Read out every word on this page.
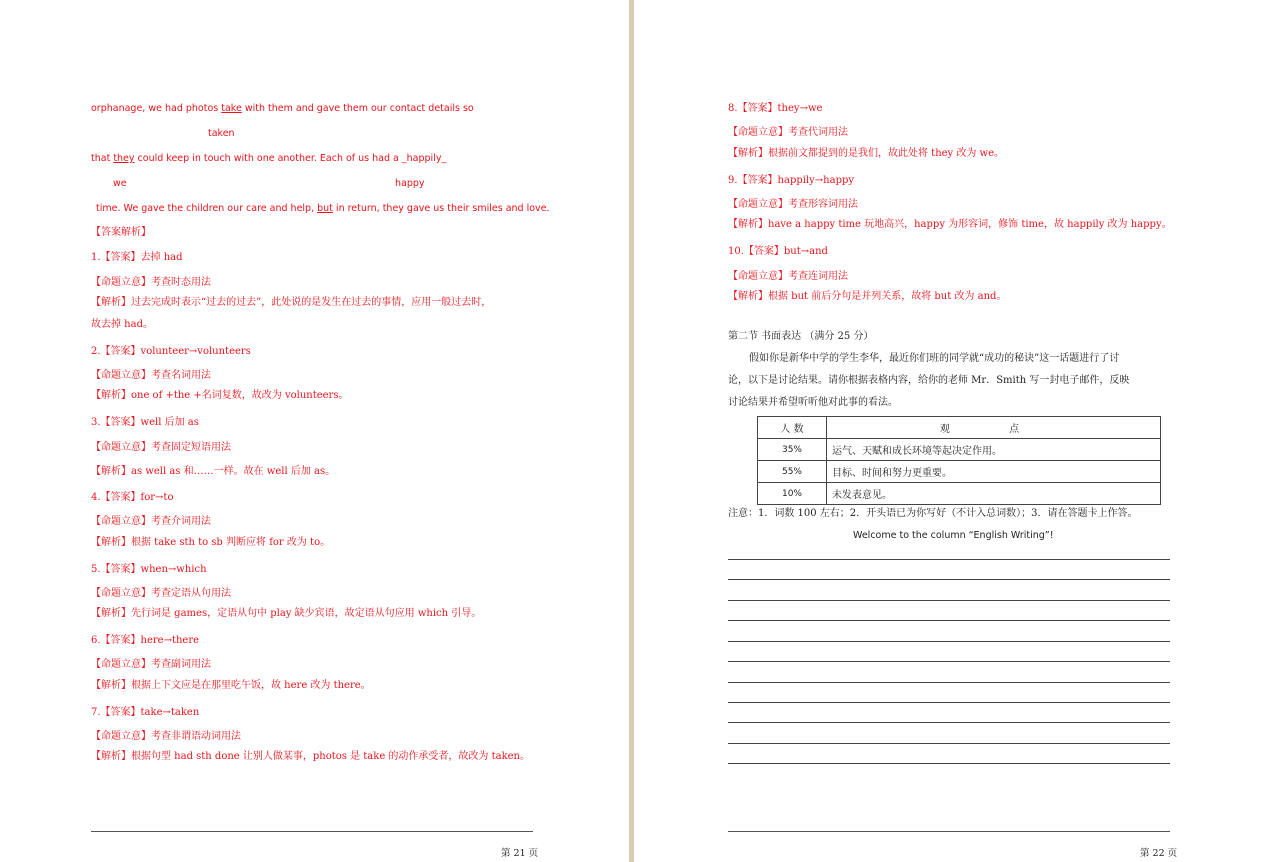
orphanage, we had photos take with them and gave them our contact details so
taken
that they could keep in touch with one another. Each of us had a _happily_
we	happy
time. We gave the children our care and help, but in return, they gave us their smiles and love.
【答案解析】
1.【答案】去掉 had
【命题立意】考查时态用法
【解析】过去完成时表示“过去的过去”，此处说的是发生在过去的事情，应用一般过去时，
故去掉 had。
2.【答案】volunteer→volunteers
【命题立意】考查名词用法
【解析】one of +the +名词复数，故改为 volunteers。
3.【答案】well 后加 as
【命题立意】考查固定短语用法
【解析】as well as 和……一样。故在 well 后加 as。
4.【答案】for→to
【命题立意】考查介词用法
【解析】根据 take sth to sb 判断应将 for 改为 to。
5.【答案】when→which
【命题立意】考查定语从句用法
【解析】先行词是 games，定语从句中 play 缺少宾语，故定语从句应用 which 引导。
6.【答案】here→there
【命题立意】考查副词用法
【解析】根据上下文应是在那里吃午饭，故 here 改为 there。
7.【答案】take→taken
【命题立意】考查非谓语动词用法
【解析】根据句型 had sth done 让别人做某事，photos 是 take 的动作承受者，故改为 taken。
第 21 页
8.【答案】they→we
【命题立意】考查代词用法
【解析】根据前文都提到的是我们，故此处将 they 改为 we。
9.【答案】happily→happy
【命题立意】考查形容词用法
【解析】have a happy time 玩地高兴，happy 为形容词，修饰 time，故 happily 改为 happy。
10.【答案】but→and
【命题立意】考查连词用法
【解析】根据 but 前后分句是并列关系，故将 but 改为 and。
第二节 书面表达 （满分 25 分）
假如你是新华中学的学生李华，最近你们班的同学就“成功的秘诀”这一话题进行了讨
论，以下是讨论结果。请你根据表格内容，给你的老师 Mr．Smith 写一封电子邮件，反映
讨论结果并希望听听他对此事的看法。
人 数	观 点
35%	运气、天赋和成长环境等起决定作用。
55%	目标、时间和努力更重要。
10%	未发表意见。
注意：1．词数 100 左右；2．开头语已为你写好（不计入总词数）；3．请在答题卡上作答。
Welcome to the column “English Writing”!
第 22 页
